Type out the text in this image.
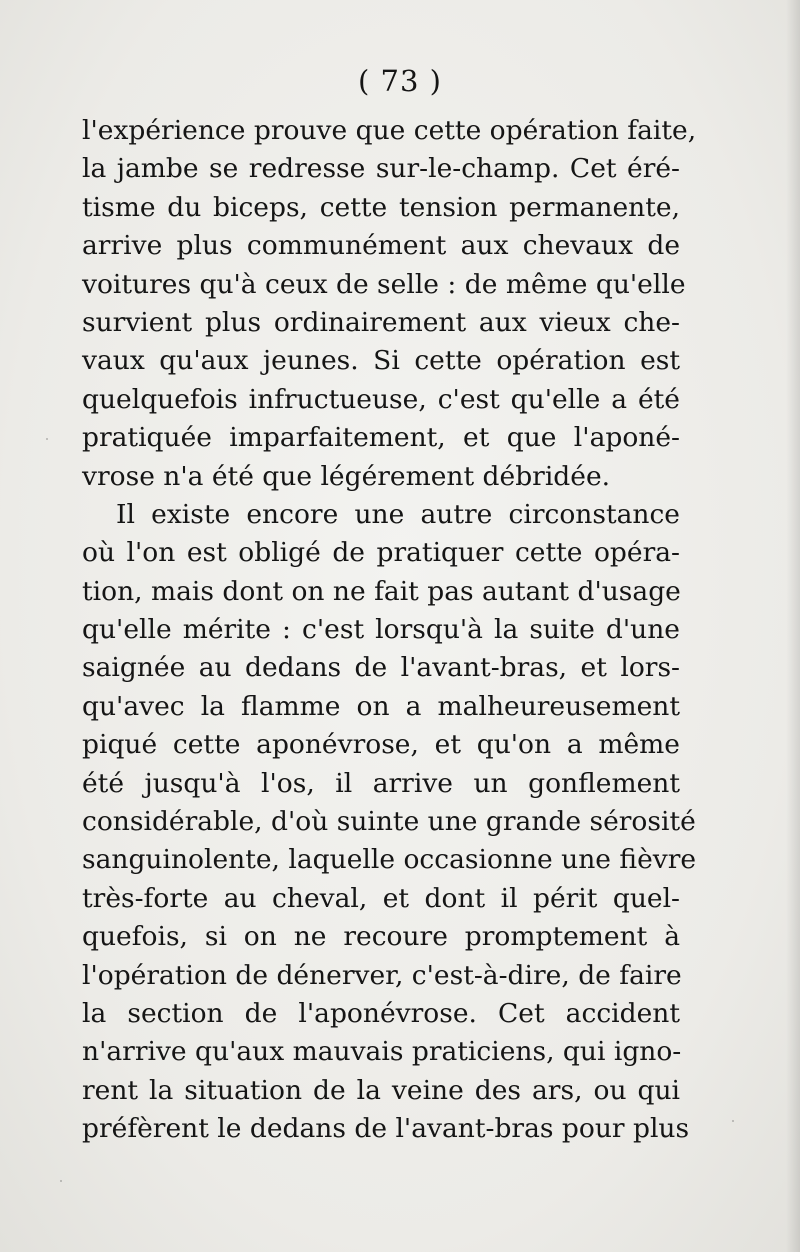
( 73 )
l'expérience prouve que cette opération faite,
la jambe se redresse sur-le-champ. Cet éré-
tisme du biceps, cette tension permanente,
arrive plus communément aux chevaux de
voitures qu'à ceux de selle : de même qu'elle
survient plus ordinairement aux vieux che-
vaux qu'aux jeunes. Si cette opération est
quelquefois infructueuse, c'est qu'elle a été
pratiquée imparfaitement, et que l'aponé-
vrose n'a été que légérement débridée.
Il existe encore une autre circonstance
où l'on est obligé de pratiquer cette opéra-
tion, mais dont on ne fait pas autant d'usage
qu'elle mérite : c'est lorsqu'à la suite d'une
saignée au dedans de l'avant-bras, et lors-
qu'avec la flamme on a malheureusement
piqué cette aponévrose, et qu'on a même
été jusqu'à l'os, il arrive un gonflement
considérable, d'où suinte une grande sérosité
sanguinolente, laquelle occasionne une fièvre
très-forte au cheval, et dont il périt quel-
quefois, si on ne recoure promptement à
l'opération de dénerver, c'est-à-dire, de faire
la section de l'aponévrose. Cet accident
n'arrive qu'aux mauvais praticiens, qui igno-
rent la situation de la veine des ars, ou qui
préfèrent le dedans de l'avant-bras pour plus
